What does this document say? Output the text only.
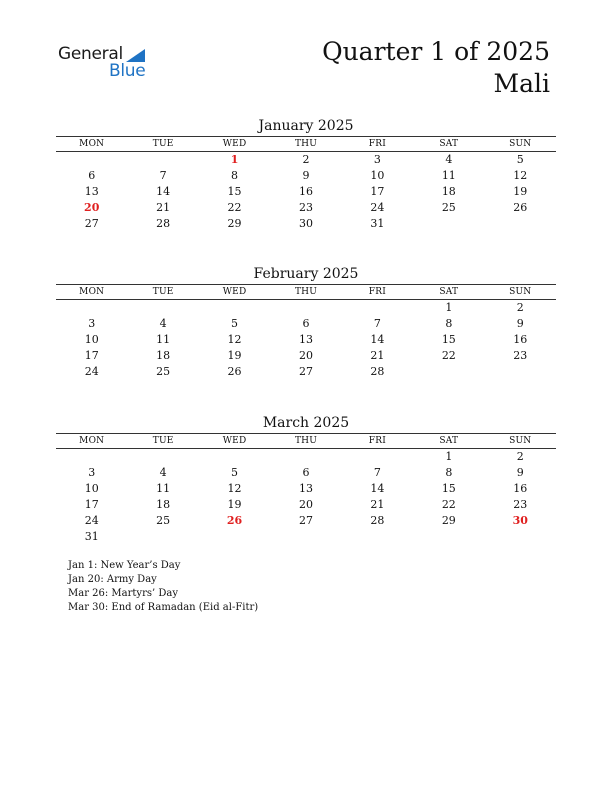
General
Blue
Quarter 1 of 2025
Mali
January 2025
MON	TUE	WED	THU	FRI	SAT	SUN
		1	2	3	4	5
6	7	8	9	10	11	12
13	14	15	16	17	18	19
20	21	22	23	24	25	26
27	28	29	30	31		
February 2025
MON	TUE	WED	THU	FRI	SAT	SUN
					1	2
3	4	5	6	7	8	9
10	11	12	13	14	15	16
17	18	19	20	21	22	23
24	25	26	27	28		
March 2025
MON	TUE	WED	THU	FRI	SAT	SUN
					1	2
3	4	5	6	7	8	9
10	11	12	13	14	15	16
17	18	19	20	21	22	23
24	25	26	27	28	29	30
31						
Jan 1: New Year’s Day
Jan 20: Army Day
Mar 26: Martyrs’ Day
Mar 30: End of Ramadan (Eid al-Fitr)
